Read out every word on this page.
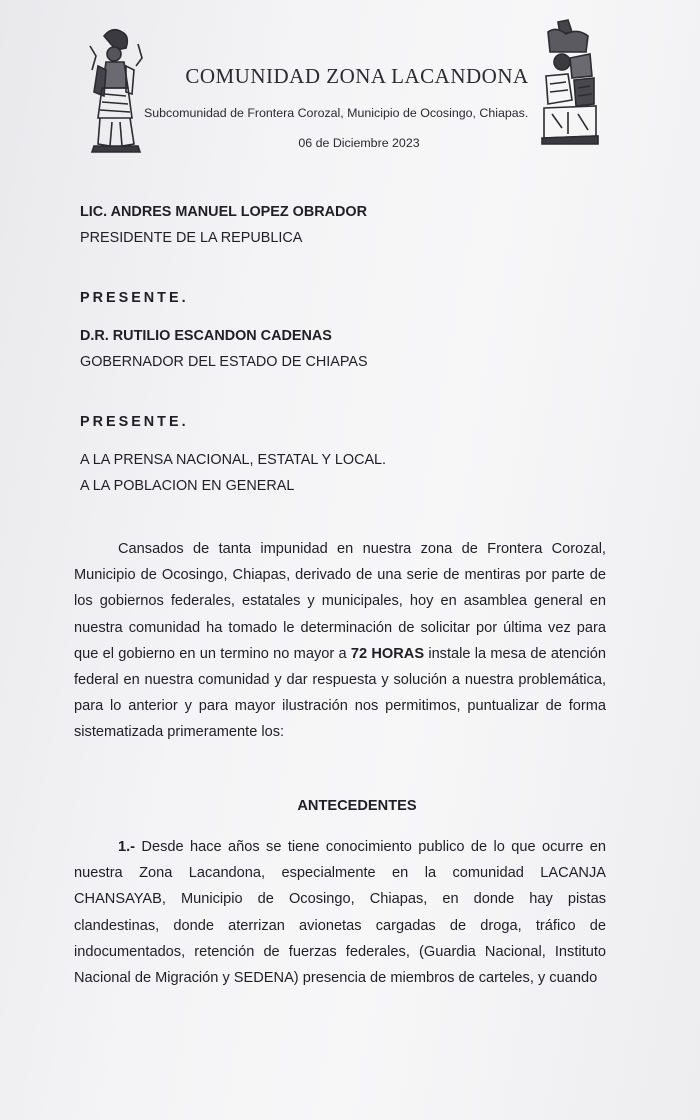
COMUNIDAD ZONA LACANDONA
Subcomunidad de Frontera Corozal, Municipio de Ocosingo, Chiapas.
06 de Diciembre 2023
LIC. ANDRES MANUEL LOPEZ OBRADOR
PRESIDENTE DE LA REPUBLICA
PRESENTE.
D.R. RUTILIO ESCANDON CADENAS
GOBERNADOR DEL ESTADO DE CHIAPAS
PRESENTE.
A LA PRENSA NACIONAL, ESTATAL Y LOCAL.
A LA POBLACION EN GENERAL
Cansados de tanta impunidad en nuestra zona de Frontera Corozal, Municipio de Ocosingo, Chiapas, derivado de una serie de mentiras por parte de los gobiernos federales, estatales y municipales, hoy en asamblea general en nuestra comunidad ha tomado le determinación de solicitar por última vez para que el gobierno en un termino no mayor a 72 HORAS instale la mesa de atención federal en nuestra comunidad y dar respuesta y solución a nuestra problemática, para lo anterior y para mayor ilustración nos permitimos, puntualizar de forma sistematizada primeramente los:
ANTECEDENTES
1.- Desde hace años se tiene conocimiento publico de lo que ocurre en nuestra Zona Lacandona, especialmente en la comunidad LACANJA CHANSAYAB, Municipio de Ocosingo, Chiapas, en donde hay pistas clandestinas, donde aterrizan avionetas cargadas de droga, tráfico de indocumentados, retención de fuerzas federales, (Guardia Nacional, Instituto Nacional de Migración y SEDENA) presencia de miembros de carteles, y cuando
